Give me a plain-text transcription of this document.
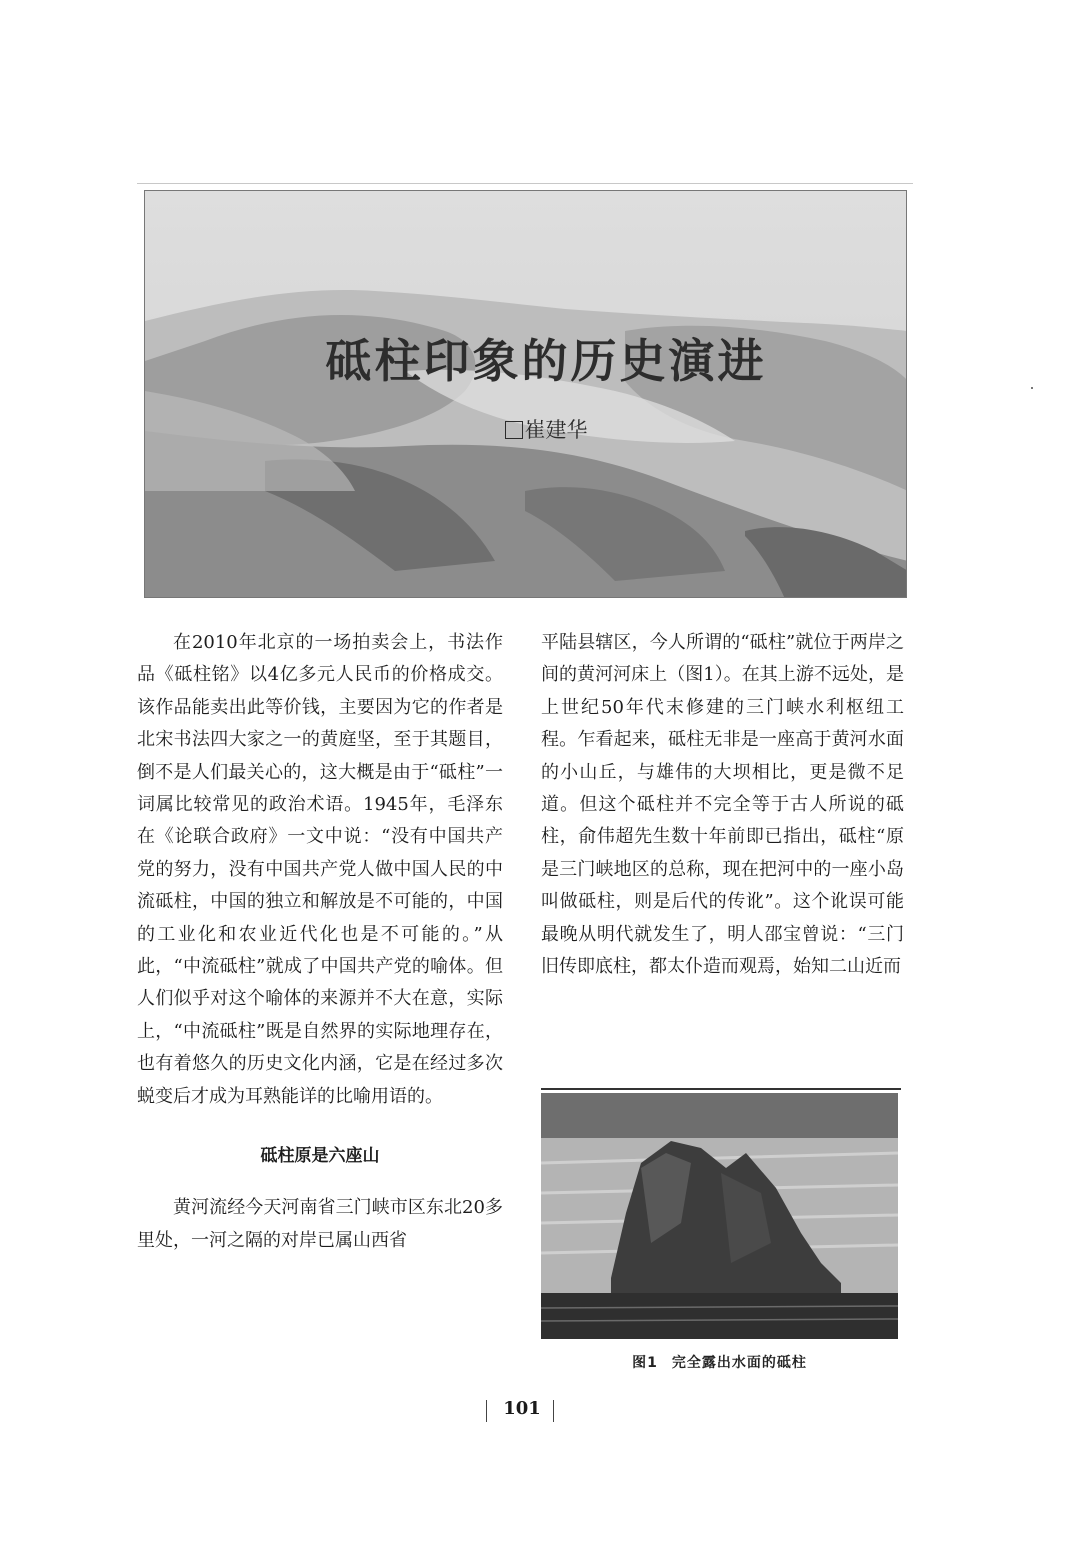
砥柱印象的历史演进
崔建华

在2010年北京的一场拍卖会上，书法作品《砥柱铭》以4亿多元人民币的价格成交。该作品能卖出此等价钱，主要因为它的作者是北宋书法四大家之一的黄庭坚，至于其题目，倒不是人们最关心的，这大概是由于“砥柱”一词属比较常见的政治术语。1945年，毛泽东在《论联合政府》一文中说：“没有中国共产党的努力，没有中国共产党人做中国人民的中流砥柱，中国的独立和解放是不可能的，中国的工业化和农业近代化也是不可能的。”从此，“中流砥柱”就成了中国共产党的喻体。但人们似乎对这个喻体的来源并不大在意，实际上，“中流砥柱”既是自然界的实际地理存在，也有着悠久的历史文化内涵，它是在经过多次蜕变后才成为耳熟能详的比喻用语的。

砥柱原是六座山

黄河流经今天河南省三门峡市区东北20多里处，一河之隔的对岸已属山西省

平陆县辖区，今人所谓的“砥柱”就位于两岸之间的黄河河床上（图1）。在其上游不远处，是上世纪50年代末修建的三门峡水利枢纽工程。乍看起来，砥柱无非是一座高于黄河水面的小山丘，与雄伟的大坝相比，更是微不足道。但这个砥柱并不完全等于古人所说的砥柱，俞伟超先生数十年前即已指出，砥柱“原是三门峡地区的总称，现在把河中的一座小岛叫做砥柱，则是后代的传讹”。这个讹误可能最晚从明代就发生了，明人邵宝曾说：“三门旧传即底柱，都太仆造而观焉，始知二山近而

图1 完全露出水面的砥柱
101
